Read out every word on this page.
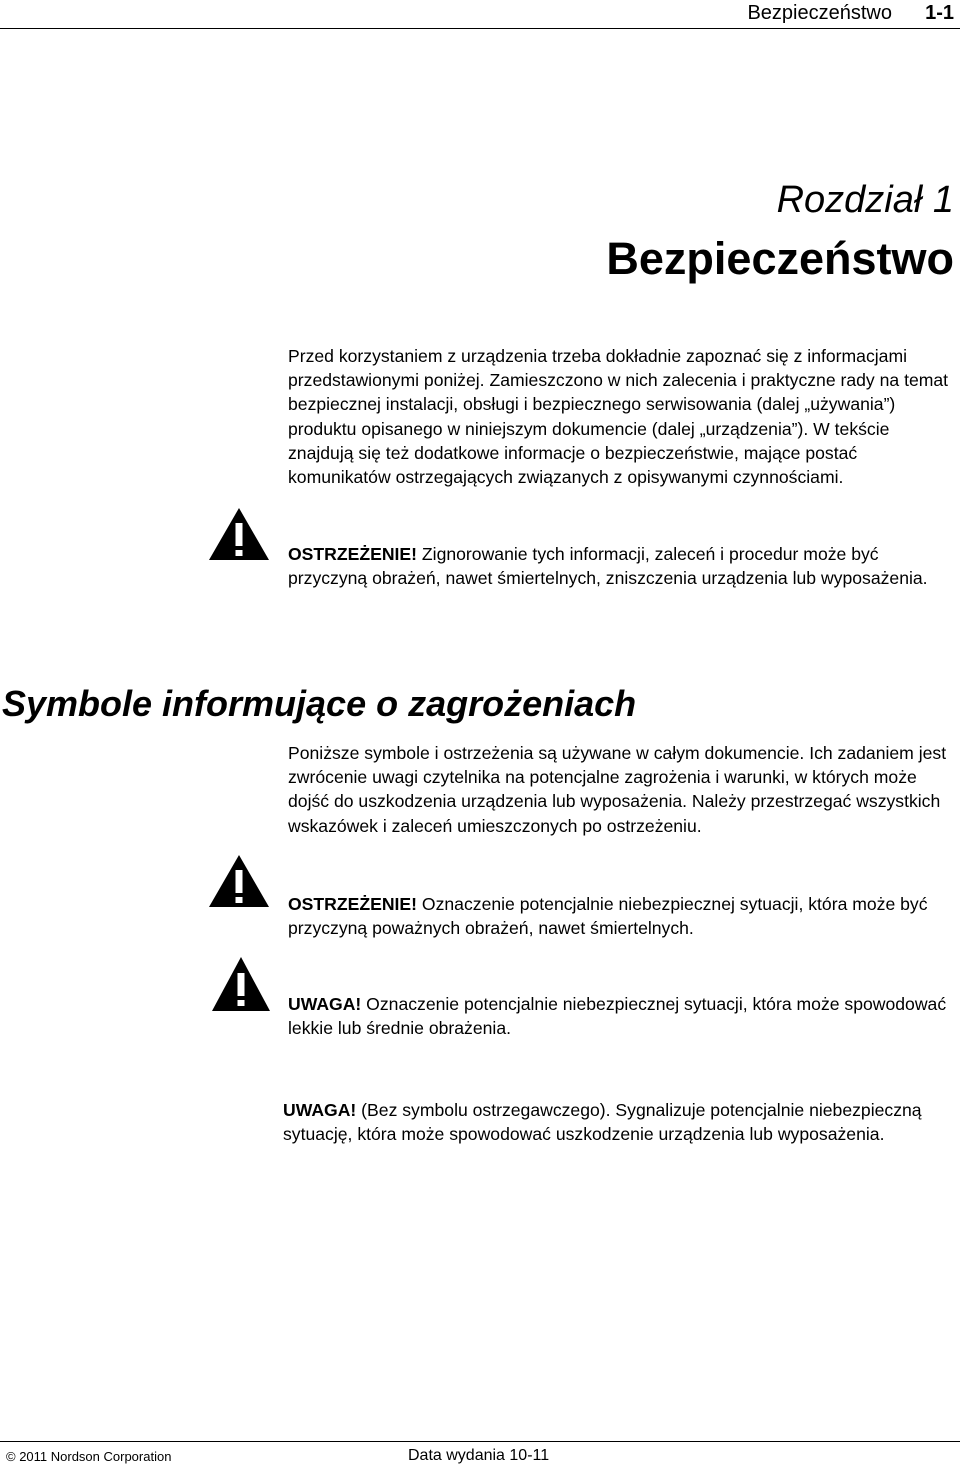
Bezpieczeństwo 1-1
Rozdział 1
Bezpieczeństwo

Przed korzystaniem z urządzenia trzeba dokładnie zapoznać się z informacjami przedstawionymi poniżej. Zamieszczono w nich zalecenia i praktyczne rady na temat bezpiecznej instalacji, obsługi i bezpiecznego serwisowania (dalej „używania”) produktu opisanego w niniejszym dokumencie (dalej „urządzenia”). W tekście znajdują się też dodatkowe informacje o bezpieczeństwie, mające postać komunikatów ostrzegających związanych z opisywanymi czynnościami.

OSTRZEŻENIE! Zignorowanie tych informacji, zaleceń i procedur może być przyczyną obrażeń, nawet śmiertelnych, zniszczenia urządzenia lub wyposażenia.

Symbole informujące o zagrożeniach

Poniższe symbole i ostrzeżenia są używane w całym dokumencie. Ich zadaniem jest zwrócenie uwagi czytelnika na potencjalne zagrożenia i warunki, w których może dojść do uszkodzenia urządzenia lub wyposażenia. Należy przestrzegać wszystkich wskazówek i zaleceń umieszczonych po ostrzeżeniu.

OSTRZEŻENIE! Oznaczenie potencjalnie niebezpiecznej sytuacji, która może być przyczyną poważnych obrażeń, nawet śmiertelnych.

UWAGA! Oznaczenie potencjalnie niebezpiecznej sytuacji, która może spowodować lekkie lub średnie obrażenia.

UWAGA! (Bez symbolu ostrzegawczego). Sygnalizuje potencjalnie niebezpieczną sytuację, która może spowodować uszkodzenie urządzenia lub wyposażenia.

© 2011 Nordson Corporation	Data wydania 10-11
